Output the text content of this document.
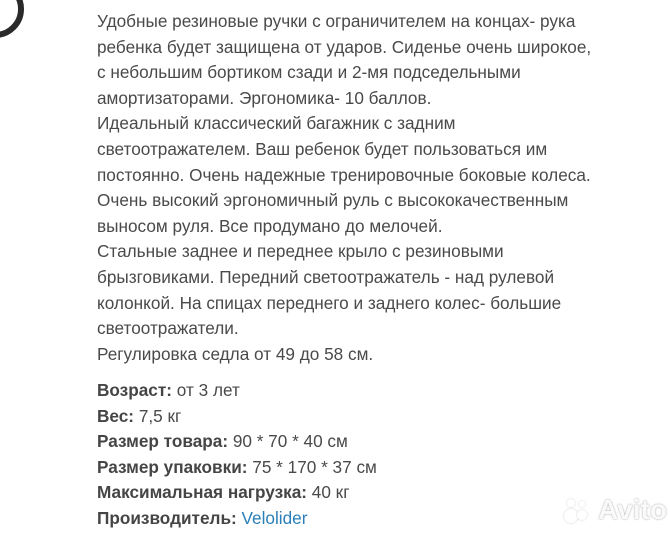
Удобные резиновые ручки с ограничителем на концах- рука

ребенка будет защищена от ударов. Сиденье очень широкое,

с небольшим бортиком сзади и 2-мя подседельными

амортизаторами. Эргономика- 10 баллов.

Идеальный классический багажник с задним

светоотражателем. Ваш ребенок будет пользоваться им

постоянно. Очень надежные тренировочные боковые колеса.

Очень высокий эргономичный руль с высококачественным

выносом руля. Все продумано до мелочей.

Стальные заднее и переднее крыло с резиновыми

брызговиками. Передний светоотражатель - над рулевой

колонкой. На спицах переднего и заднего колес- большие

светоотражатели.

Регулировка седла от 49 до 58 см.

Возраст: от 3 лет
Вес: 7,5 кг
Размер товара: 90 * 70 * 40 см
Размер упаковки: 75 * 170 * 37 см
Максимальная нагрузка: 40 кг
Производитель: Velolider	Avito
